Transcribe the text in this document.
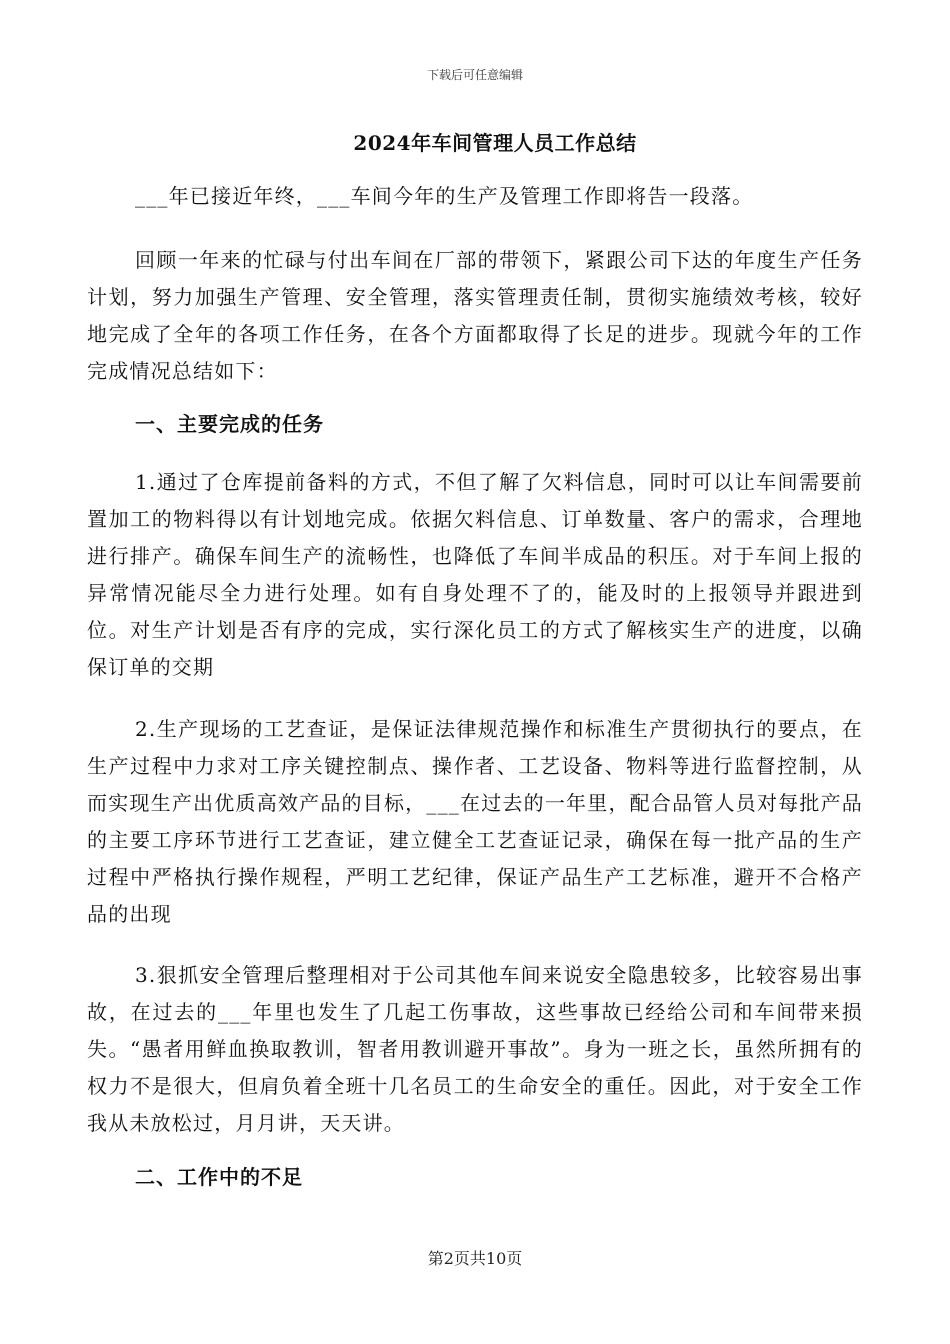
下载后可任意编辑
2024年车间管理人员工作总结

___年已接近年终，___车间今年的生产及管理工作即将告一段落。

回顾一年来的忙碌与付出车间在厂部的带领下，紧跟公司下达的年度生产任务计划，努力加强生产管理、安全管理，落实管理责任制，贯彻实施绩效考核，较好地完成了全年的各项工作任务，在各个方面都取得了长足的进步。现就今年的工作完成情况总结如下：

一、主要完成的任务

1.通过了仓库提前备料的方式，不但了解了欠料信息，同时可以让车间需要前置加工的物料得以有计划地完成。依据欠料信息、订单数量、客户的需求，合理地进行排产。确保车间生产的流畅性，也降低了车间半成品的积压。对于车间上报的异常情况能尽全力进行处理。如有自身处理不了的，能及时的上报领导并跟进到位。对生产计划是否有序的完成，实行深化员工的方式了解核实生产的进度，以确保订单的交期

2.生产现场的工艺查证，是保证法律规范操作和标准生产贯彻执行的要点，在生产过程中力求对工序关键控制点、操作者、工艺设备、物料等进行监督控制，从而实现生产出优质高效产品的目标，___在过去的一年里，配合品管人员对每批产品的主要工序环节进行工艺查证，建立健全工艺查证记录，确保在每一批产品的生产过程中严格执行操作规程，严明工艺纪律，保证产品生产工艺标准，避开不合格产品的出现

3.狠抓安全管理后整理相对于公司其他车间来说安全隐患较多，比较容易出事故，在过去的___年里也发生了几起工伤事故，这些事故已经给公司和车间带来损失。“愚者用鲜血换取教训，智者用教训避开事故”。身为一班之长，虽然所拥有的权力不是很大，但肩负着全班十几名员工的生命安全的重任。因此，对于安全工作我从未放松过，月月讲，天天讲。

二、工作中的不足

第2页共10页
